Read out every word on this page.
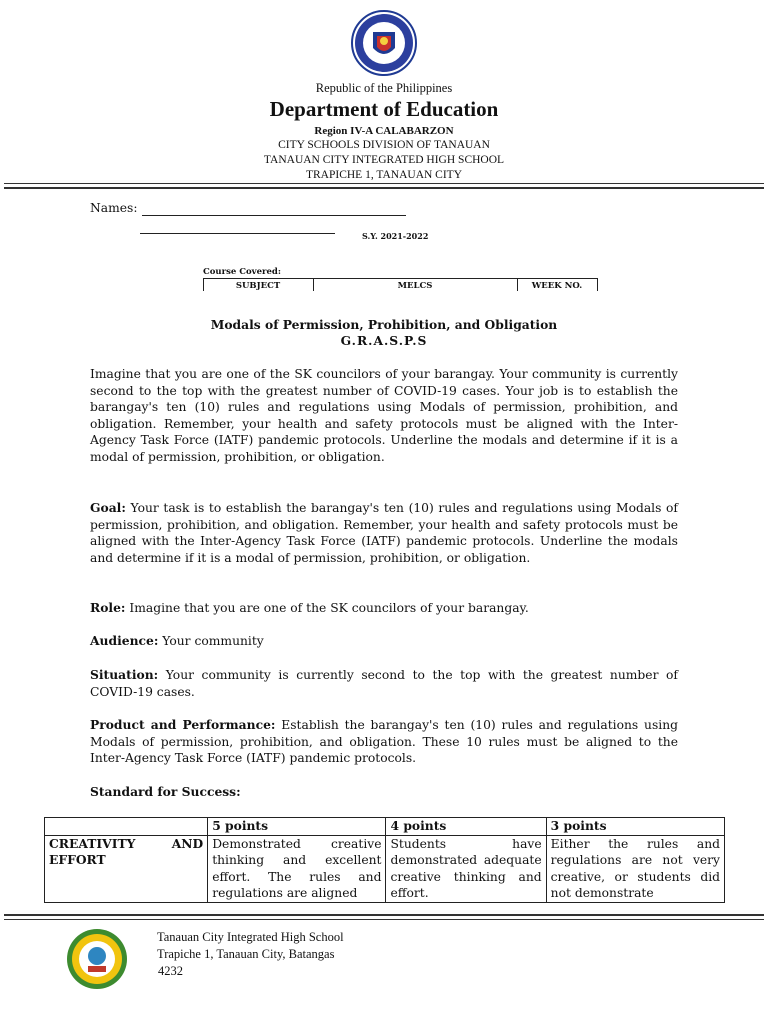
Republic of the Philippines
Department of Education
Region IV-A CALABARZON
CITY SCHOOLS DIVISION OF TANAUAN
TANAUAN CITY INTEGRATED HIGH SCHOOL
TRAPICHE 1, TANAUAN CITY
Names:
S.Y. 2021-2022
Course Covered:
SUBJECT	MELCS	WEEK NO.
Modals of Permission, Prohibition, and Obligation
G.R.A.S.P.S
Imagine that you are one of the SK councilors of your barangay. Your community is currently second to the top with the greatest number of COVID-19 cases. Your job is to establish the barangay's ten (10) rules and regulations using Modals of permission, prohibition, and obligation. Remember, your health and safety protocols must be aligned with the Inter-Agency Task Force (IATF) pandemic protocols. Underline the modals and determine if it is a modal of permission, prohibition, or obligation.
Goal: Your task is to establish the barangay's ten (10) rules and regulations using Modals of permission, prohibition, and obligation. Remember, your health and safety protocols must be aligned with the Inter-Agency Task Force (IATF) pandemic protocols. Underline the modals and determine if it is a modal of permission, prohibition, or obligation.
Role: Imagine that you are one of the SK councilors of your barangay.
Audience: Your community
Situation: Your community is currently second to the top with the greatest number of COVID-19 cases.
Product and Performance: Establish the barangay's ten (10) rules and regulations using Modals of permission, prohibition, and obligation. These 10 rules must be aligned to the Inter-Agency Task Force (IATF) pandemic protocols.
Standard for Success:
	5 points	4 points	3 points
CREATIVITY AND EFFORT	Demonstrated creative thinking and excellent effort. The rules and regulations are aligned	Students have demonstrated adequate creative thinking and effort.	Either the rules and regulations are not very creative, or students did not demonstrate
Tanauan City Integrated High School
Trapiche 1, Tanauan City, Batangas
4232
